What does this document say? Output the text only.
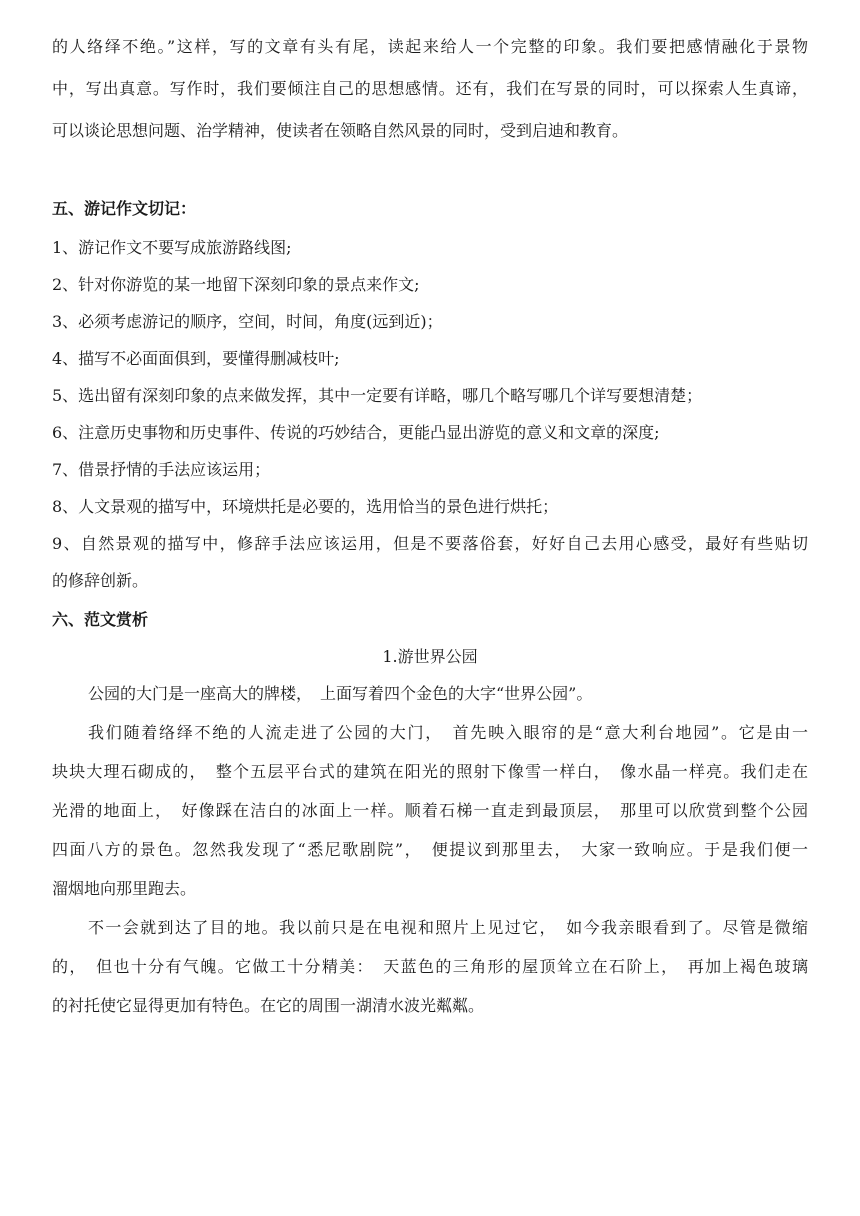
的人络绎不绝。”这样，写的文章有头有尾，读起来给人一个完整的印象。我们要把感情融化于景物

中，写出真意。写作时，我们要倾注自己的思想感情。还有，我们在写景的同时，可以探索人生真谛，

可以谈论思想问题、治学精神，使读者在领略自然风景的同时，受到启迪和教育。

五、游记作文切记：

1、游记作文不要写成旅游路线图;

2、针对你游览的某一地留下深刻印象的景点来作文;

3、必须考虑游记的顺序，空间，时间，角度(远到近)；

4、描写不必面面俱到，要懂得删减枝叶;

5、选出留有深刻印象的点来做发挥，其中一定要有详略，哪几个略写哪几个详写要想清楚；

6、注意历史事物和历史事件、传说的巧妙结合，更能凸显出游览的意义和文章的深度;

7、借景抒情的手法应该运用；

8、人文景观的描写中，环境烘托是必要的，选用恰当的景色进行烘托；

9、自然景观的描写中，修辞手法应该运用，但是不要落俗套，好好自己去用心感受，最好有些贴切

的修辞创新。

六、范文赏析

1.游世界公园

公园的大门是一座高大的牌楼，　上面写着四个金色的大字“世界公园”。

我们随着络绎不绝的人流走进了公园的大门，　首先映入眼帘的是“意大利台地园”。它是由一

块块大理石砌成的，　整个五层平台式的建筑在阳光的照射下像雪一样白，　像水晶一样亮。我们走在

光滑的地面上，　好像踩在洁白的冰面上一样。顺着石梯一直走到最顶层，　那里可以欣赏到整个公园

四面八方的景色。忽然我发现了“悉尼歌剧院”，　便提议到那里去，　大家一致响应。于是我们便一

溜烟地向那里跑去。

不一会就到达了目的地。我以前只是在电视和照片上见过它，　如今我亲眼看到了。尽管是微缩

的，　但也十分有气魄。它做工十分精美：　天蓝色的三角形的屋顶耸立在石阶上，　再加上褐色玻璃

的衬托使它显得更加有特色。在它的周围一湖清水波光粼粼。
